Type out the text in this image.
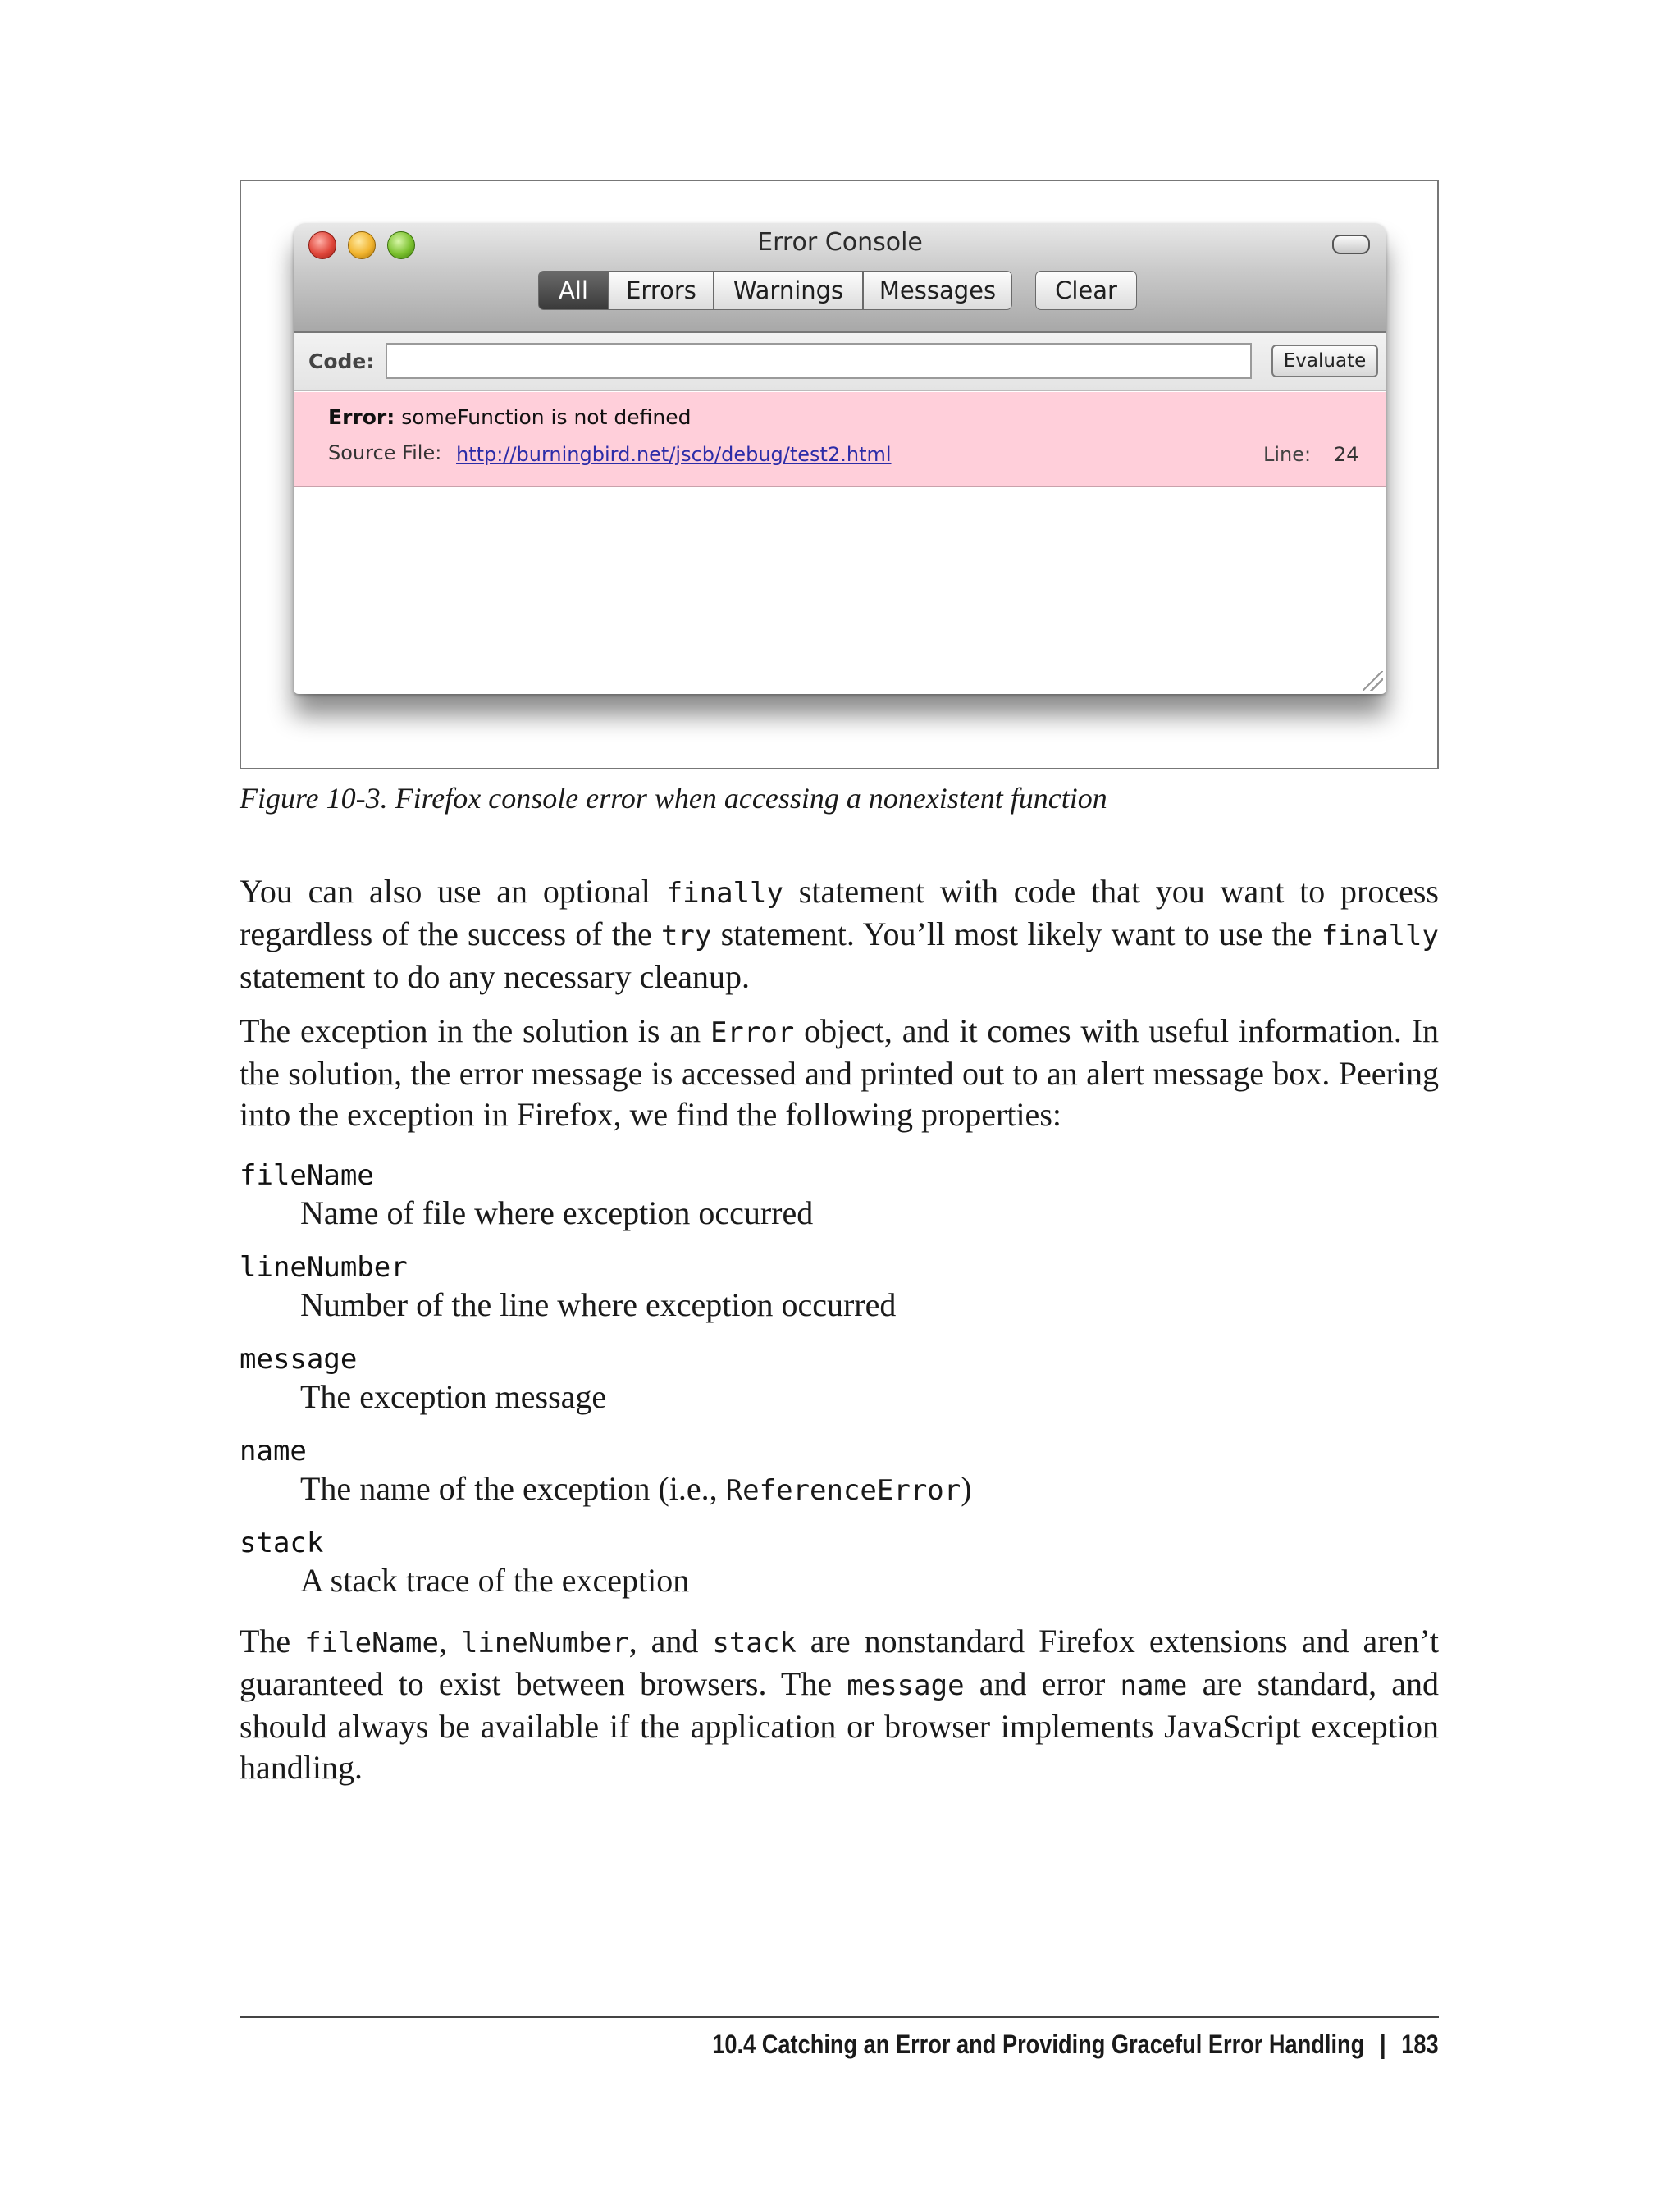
Error Console
All	Errors	Warnings	Messages	Clear
Code:	Evaluate
Error: someFunction is not defined
Source File: http://burningbird.net/jscb/debug/test2.html	Line: 24
Figure 10-3. Firefox console error when accessing a nonexistent function

You can also use an optional finally statement with code that you want to process regardless of the success of the try statement. You’ll most likely want to use the finally statement to do any necessary cleanup.

The exception in the solution is an Error object, and it comes with useful information. In the solution, the error message is accessed and printed out to an alert message box. Peering into the exception in Firefox, we find the following properties:

fileName
Name of file where exception occurred
lineNumber
Number of the line where exception occurred
message
The exception message
name
The name of the exception (i.e., ReferenceError)
stack
A stack trace of the exception

The fileName, lineNumber, and stack are nonstandard Firefox extensions and aren’t guaranteed to exist between browsers. The message and error name are standard, and should always be available if the application or browser implements JavaScript exception handling.

10.4 Catching an Error and Providing Graceful Error Handling | 183
